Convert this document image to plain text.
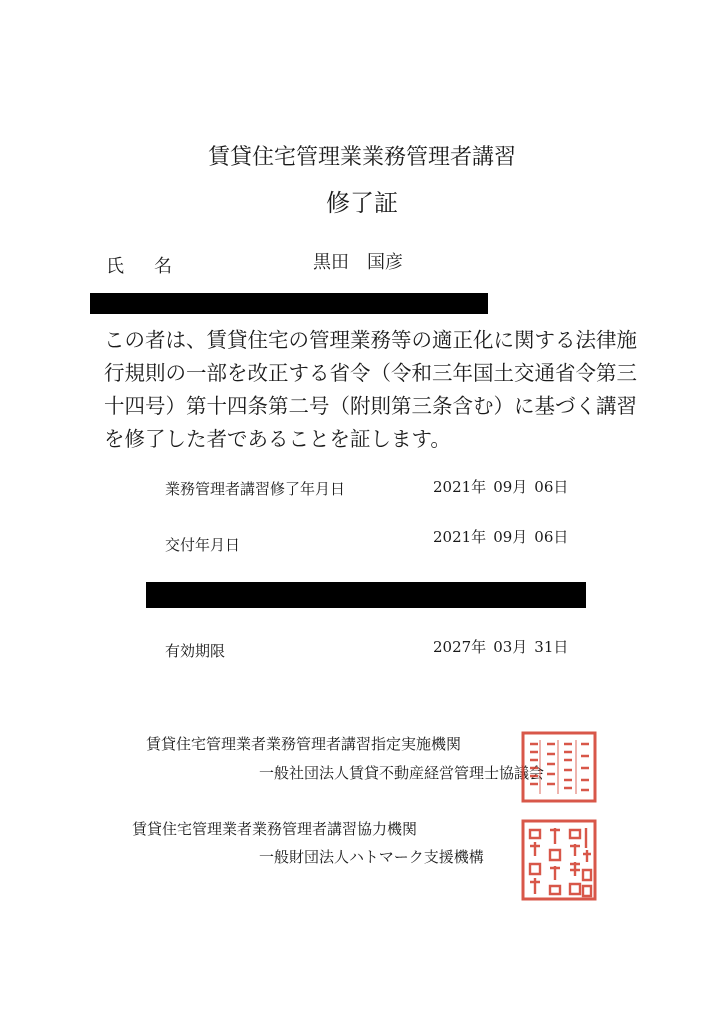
賃貸住宅管理業業務管理者講習
修了証
氏 名	黒田　国彦
この者は、賃貸住宅の管理業務等の適正化に関する法律施
行規則の一部を改正する省令（令和三年国土交通省令第三
十四号）第十四条第二号（附則第三条含む）に基づく講習
を修了した者であることを証します。
業務管理者講習修了年月日	2021年 09月 06日
交付年月日	2021年 09月 06日
有効期限	2027年 03月 31日
賃貸住宅管理業者業務管理者講習指定実施機関
一般社団法人賃貸不動産経営管理士協議会
賃貸住宅管理業者業務管理者講習協力機関
一般財団法人ハトマーク支援機構
